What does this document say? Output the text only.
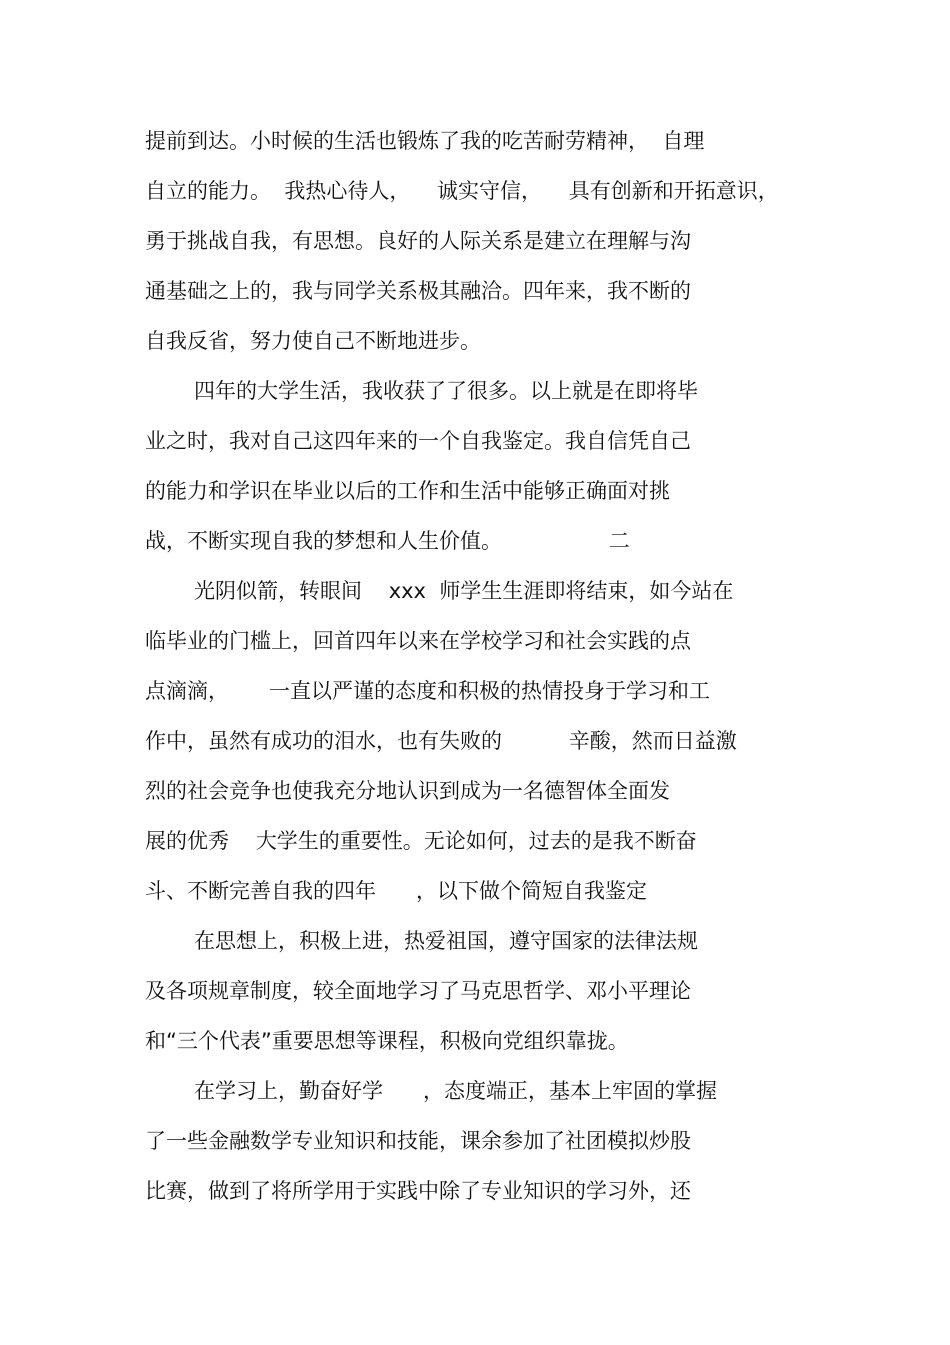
提前到达。小时候的生活也锻炼了我的吃苦耐劳精神，  自理
自立的能力。  我热心待人，    诚实守信，    具有创新和开拓意识，
勇于挑战自我，有思想。良好的人际关系是建立在理解与沟
通基础之上的，我与同学关系极其融洽。四年来，我不断的
自我反省，努力使自己不断地进步。
四年的大学生活，我收获了了很多。以上就是在即将毕
业之时，我对自己这四年来的一个自我鉴定。我自信凭自己
的能力和学识在毕业以后的工作和生活中能够正确面对挑
战，不断实现自我的梦想和人生价值。                二
光阴似箭，转眼间    xxx  师学生生涯即将结束，如今站在
临毕业的门槛上，回首四年以来在学校学习和社会实践的点
点滴滴，      一直以严谨的态度和积极的热情投身于学习和工
作中，虽然有成功的泪水，也有失败的          辛酸，然而日益激
烈的社会竞争也使我充分地认识到成为一名德智体全面发
展的优秀    大学生的重要性。无论如何，过去的是我不断奋
斗、不断完善自我的四年      ，以下做个简短自我鉴定
在思想上，积极上进，热爱祖国，遵守国家的法律法规
及各项规章制度，较全面地学习了马克思哲学、邓小平理论
和“三个代表”重要思想等课程，积极向党组织靠拢。
在学习上，勤奋好学      ，态度端正，基本上牢固的掌握
了一些金融数学专业知识和技能，课余参加了社团模拟炒股
比赛，做到了将所学用于实践中除了专业知识的学习外，还
